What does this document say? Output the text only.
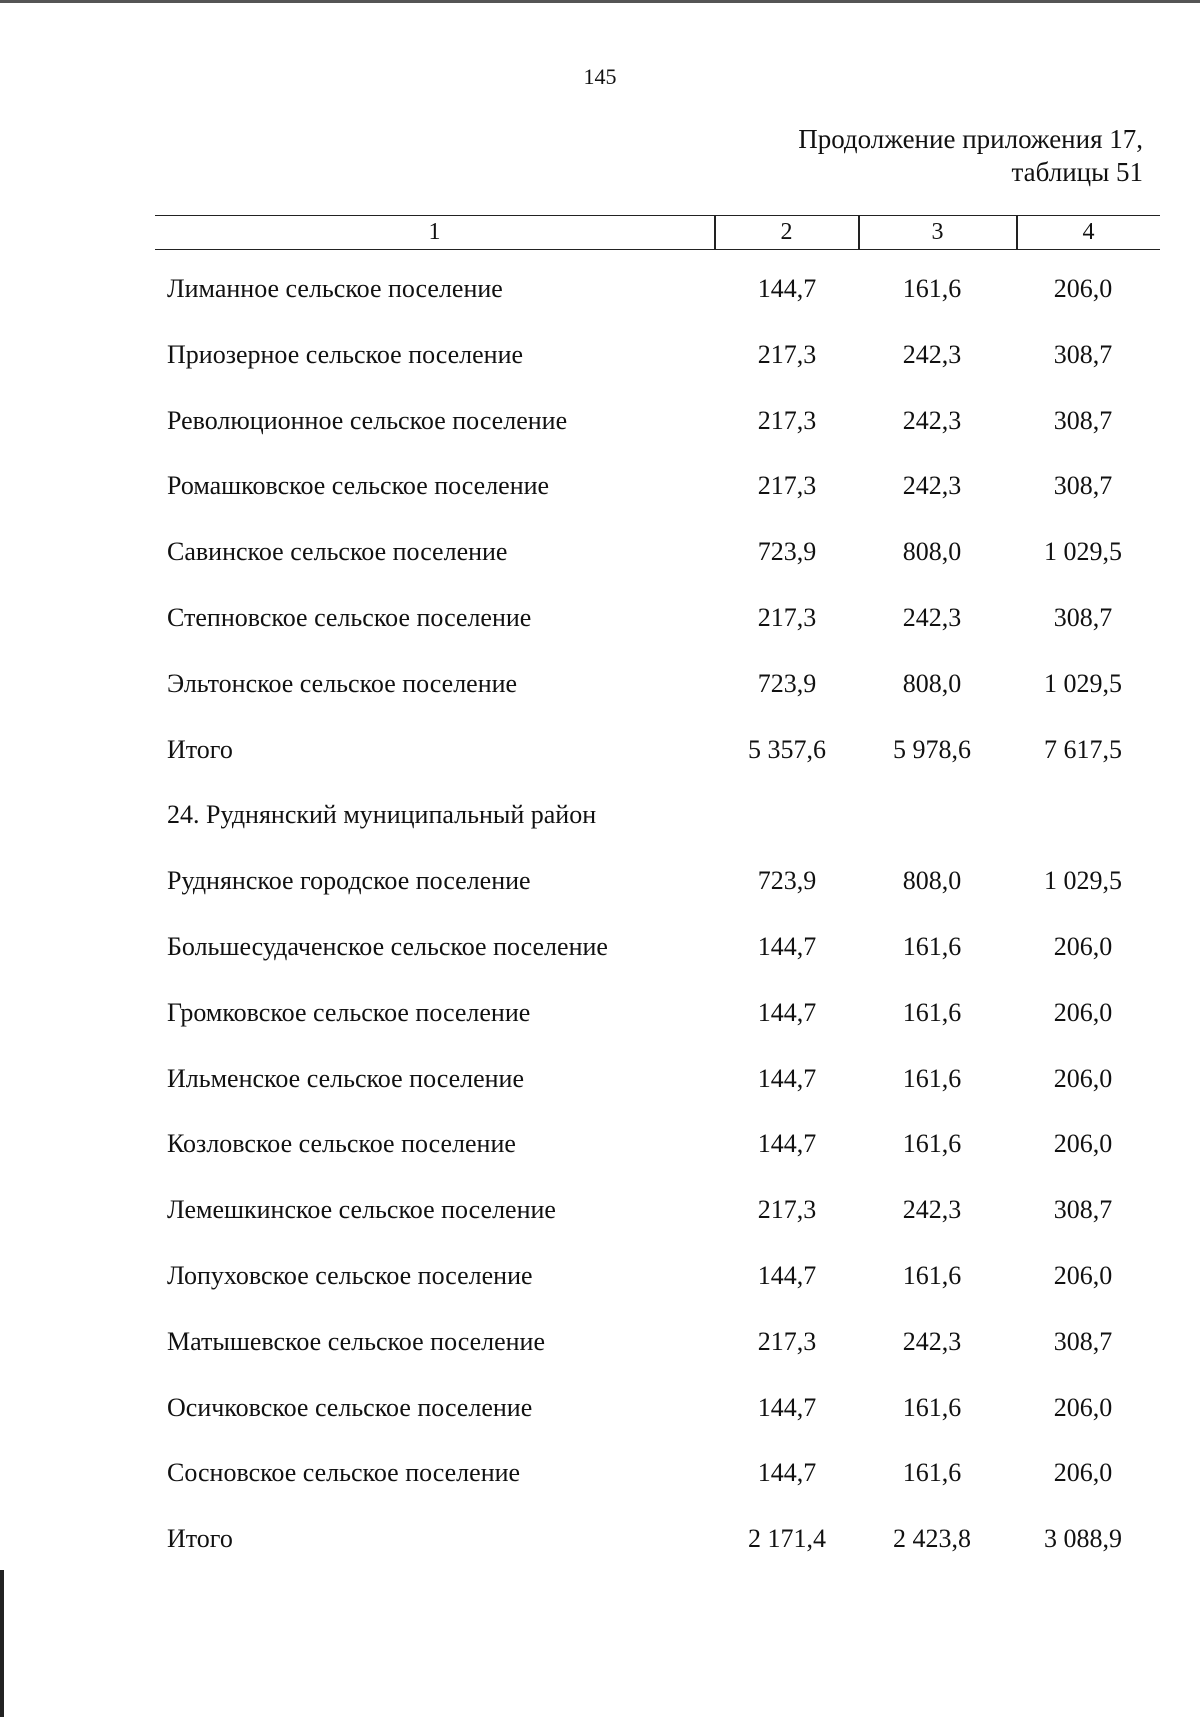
145
Продолжение приложения 17,
таблицы 51
1	2	3	4
Лиманное сельское поселение	144,7	161,6	206,0
Приозерное сельское поселение	217,3	242,3	308,7
Революционное сельское поселение	217,3	242,3	308,7
Ромашковское сельское поселение	217,3	242,3	308,7
Савинское сельское поселение	723,9	808,0	1 029,5
Степновское сельское поселение	217,3	242,3	308,7
Эльтонское сельское поселение	723,9	808,0	1 029,5
Итого	5 357,6	5 978,6	7 617,5
24. Руднянский муниципальный район
Руднянское городское поселение	723,9	808,0	1 029,5
Большесудаченское сельское поселение	144,7	161,6	206,0
Громковское сельское поселение	144,7	161,6	206,0
Ильменское сельское поселение	144,7	161,6	206,0
Козловское сельское поселение	144,7	161,6	206,0
Лемешкинское сельское поселение	217,3	242,3	308,7
Лопуховское сельское поселение	144,7	161,6	206,0
Матышевское сельское поселение	217,3	242,3	308,7
Осичковское сельское поселение	144,7	161,6	206,0
Сосновское сельское поселение	144,7	161,6	206,0
Итого	2 171,4	2 423,8	3 088,9
